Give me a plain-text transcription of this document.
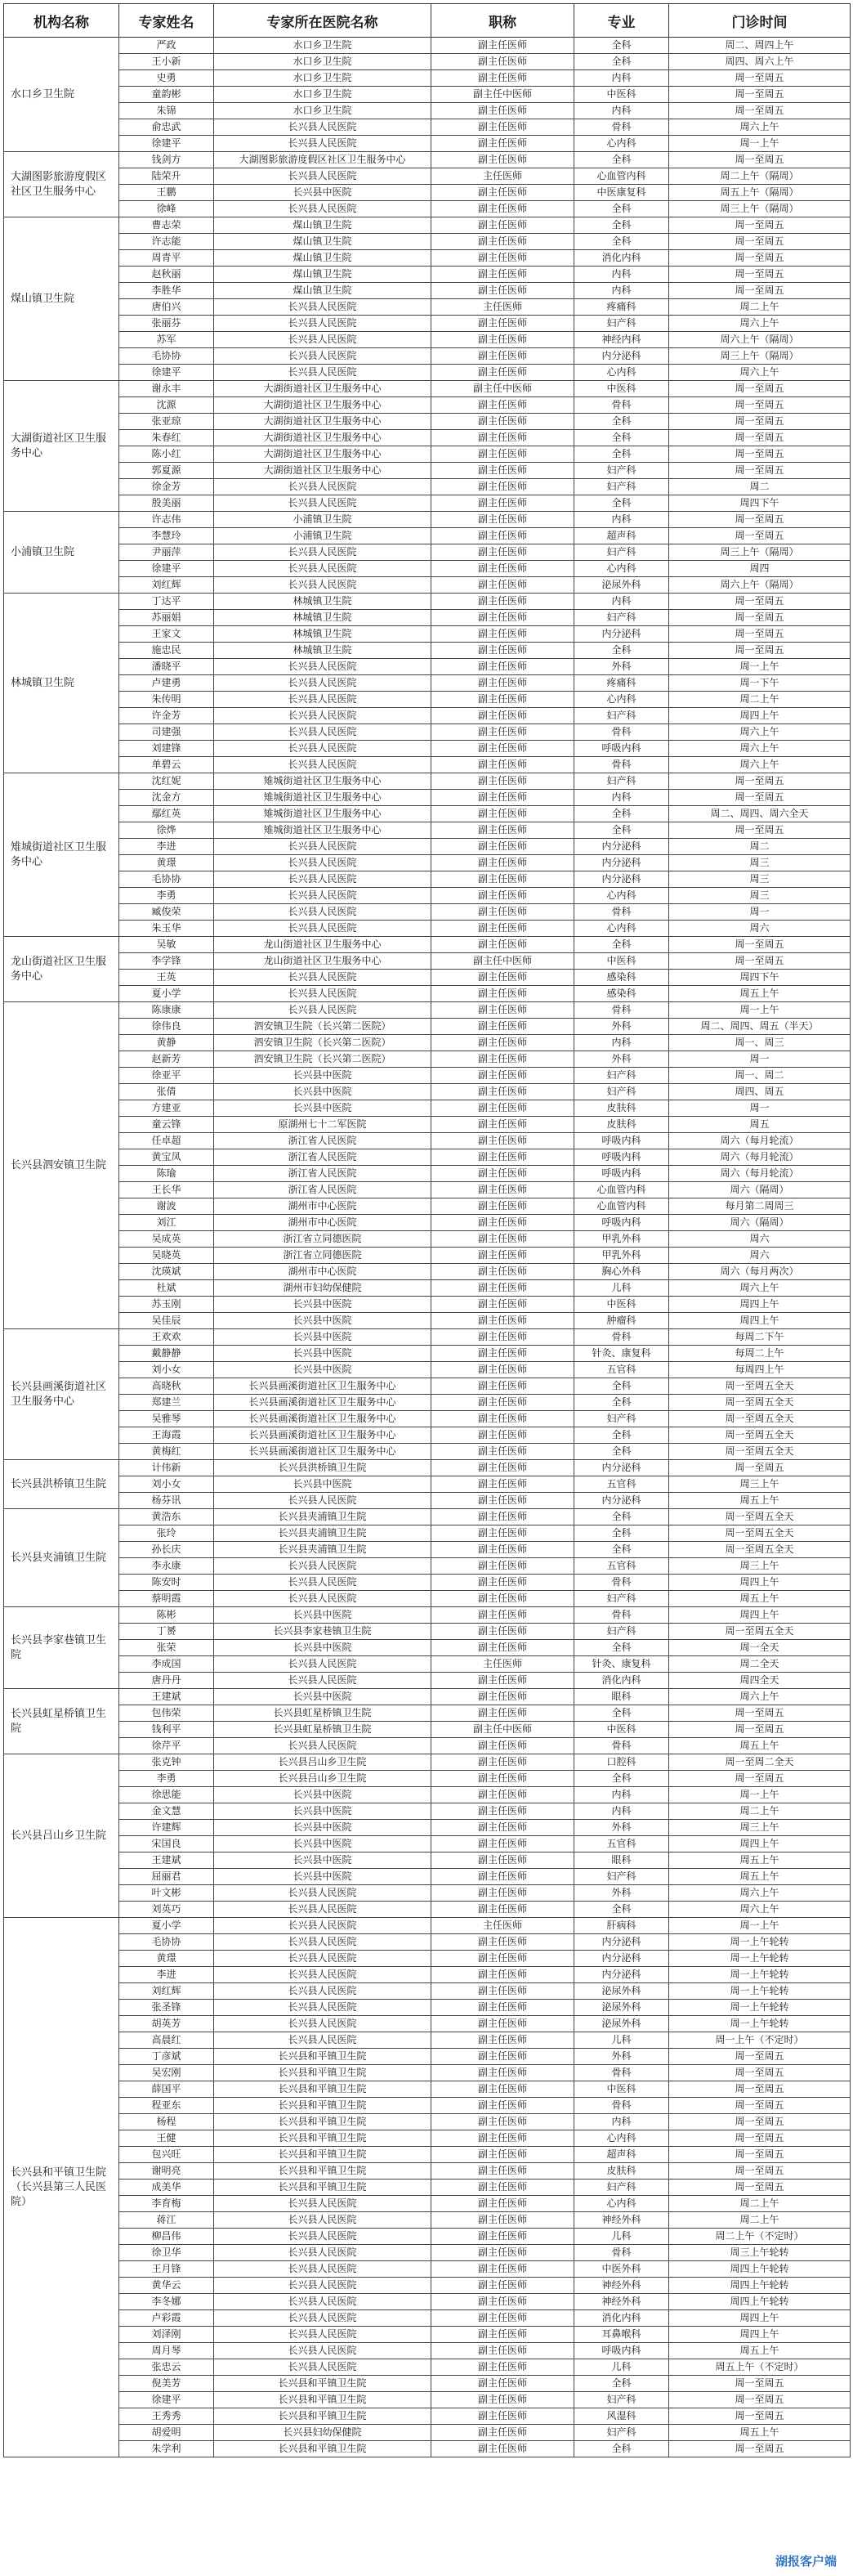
机构名称	专家姓名	专家所在医院名称	职称	专业	门诊时间
水口乡卫生院	严政	水口乡卫生院	副主任医师	全科	周二、周四上午
	王小新	水口乡卫生院	副主任医师	全科	周四、周六上午
	史勇	水口乡卫生院	副主任医师	内科	周一至周五
	童韵彬	水口乡卫生院	副主任中医师	中医科	周一至周五
	朱锦	水口乡卫生院	副主任医师	内科	周一至周五
	俞忠武	长兴县人民医院	副主任医师	骨科	周六上午
	徐建平	长兴县人民医院	副主任医师	心内科	周一上午
大湖图影旅游度假区社区卫生服务中心	钱剑方	大湖图影旅游度假区社区卫生服务中心	副主任医师	全科	周一至周五
	陆荣升	长兴县人民医院	主任医师	心血管内科	周二上午（隔周）
	王鹏	长兴县中医院	副主任医师	中医康复科	周五上午（隔周）
	徐峰	长兴县人民医院	副主任医师	全科	周三上午（隔周）
煤山镇卫生院	曹志荣	煤山镇卫生院	副主任医师	全科	周一至周五
	许志能	煤山镇卫生院	副主任医师	全科	周一至周五
	周青平	煤山镇卫生院	副主任医师	消化内科	周一至周五
	赵秋丽	煤山镇卫生院	副主任医师	内科	周一至周五
	李胜华	煤山镇卫生院	副主任医师	内科	周一至周五
	唐伯兴	长兴县人民医院	主任医师	疼痛科	周二上午
	张丽芬	长兴县人民医院	副主任医师	妇产科	周六上午
	苏军	长兴县人民医院	副主任医师	神经内科	周六上午（隔周）
	毛协协	长兴县人民医院	副主任医师	内分泌科	周三上午（隔周）
	徐建平	长兴县人民医院	副主任医师	心内科	周六上午
大湖街道社区卫生服务中心	谢永丰	大湖街道社区卫生服务中心	副主任中医师	中医科	周一至周五
	沈源	大湖街道社区卫生服务中心	副主任医师	骨科	周一至周五
	张亚琼	大湖街道社区卫生服务中心	副主任医师	全科	周一至周五
	朱春红	大湖街道社区卫生服务中心	副主任医师	全科	周一至周五
	陈小红	大湖街道社区卫生服务中心	副主任医师	全科	周一至周五
	郭夏源	大湖街道社区卫生服务中心	副主任医师	妇产科	周一至周五
	徐金芳	长兴县人民医院	副主任医师	妇产科	周二
	殷美丽	长兴县人民医院	副主任医师	全科	周四下午
小浦镇卫生院	许志伟	小浦镇卫生院	副主任医师	内科	周一至周五
	李慧玲	小浦镇卫生院	副主任医师	超声科	周一至周五
	尹丽萍	长兴县人民医院	副主任医师	妇产科	周三上午（隔周）
	徐建平	长兴县人民医院	副主任医师	心内科	周四
	刘红辉	长兴县人民医院	副主任医师	泌尿外科	周六上午（隔周）
林城镇卫生院	丁达平	林城镇卫生院	副主任医师	内科	周一至周五
	苏丽娟	林城镇卫生院	副主任医师	妇产科	周一至周五
	王家文	林城镇卫生院	副主任医师	内分泌科	周一至周五
	施忠民	林城镇卫生院	副主任医师	全科	周一至周五
	潘晓平	长兴县人民医院	副主任医师	外科	周一上午
	卢建勇	长兴县人民医院	副主任医师	疼痛科	周一下午
	朱传明	长兴县人民医院	副主任医师	心内科	周二上午
	许金芳	长兴县人民医院	副主任医师	妇产科	周四上午
	司建强	长兴县人民医院	副主任医师	骨科	周六上午
	刘建锋	长兴县人民医院	副主任医师	呼吸内科	周六上午
	单碧云	长兴县人民医院	副主任医师	骨科	周六上午
雉城街道社区卫生服务中心	沈红妮	雉城街道社区卫生服务中心	副主任医师	妇产科	周一至周五
	沈金方	雉城街道社区卫生服务中心	副主任医师	内科	周一至周五
	鄢红英	雉城街道社区卫生服务中心	副主任医师	全科	周二、周四、周六全天
	徐烨	雉城街道社区卫生服务中心	副主任医师	全科	周一至周五
	李进	长兴县人民医院	副主任医师	内分泌科	周二
	黄璟	长兴县人民医院	副主任医师	内分泌科	周三
	毛协协	长兴县人民医院	副主任医师	内分泌科	周三
	李勇	长兴县人民医院	副主任医师	心内科	周三
	臧俊荣	长兴县人民医院	副主任医师	骨科	周一
	朱玉华	长兴县人民医院	副主任医师	心内科	周六
龙山街道社区卫生服务中心	吴敏	龙山街道社区卫生服务中心	副主任医师	全科	周一至周五
	李学锋	龙山街道社区卫生服务中心	副主任中医师	中医科	周一至周五
	王英	长兴县人民医院	副主任医师	感染科	周四下午
	夏小学	长兴县人民医院	副主任医师	感染科	周五上午
长兴县泗安镇卫生院	陈康康	长兴县人民医院	副主任医师	骨科	周一上午
	徐伟良	泗安镇卫生院（长兴第二医院）	副主任医师	外科	周二、周四、周五（半天）
	黄静	泗安镇卫生院（长兴第二医院）	副主任医师	内科	周一、周三
	赵新芳	泗安镇卫生院（长兴第二医院）	副主任医师	外科	周一
	徐亚平	长兴县中医院	副主任医师	妇产科	周一、周二
	张倩	长兴县中医院	副主任医师	妇产科	周四、周五
	方建亚	长兴县中医院	副主任医师	皮肤科	周一
	童云锋	原湖州七十二军医院	副主任医师	皮肤科	周五
	任卓超	浙江省人民医院	副主任医师	呼吸内科	周六（每月轮流）
	黄宝凤	浙江省人民医院	副主任医师	呼吸内科	周六（每月轮流）
	陈瑜	浙江省人民医院	副主任医师	呼吸内科	周六（每月轮流）
	王长华	浙江省人民医院	副主任医师	心血管内科	周六（隔周）
	谢波	湖州市中心医院	副主任医师	心血管内科	每月第二周周三
	刘江	湖州市中心医院	副主任医师	呼吸内科	周六（隔周）
	吴成英	浙江省立同德医院	副主任医师	甲乳外科	周六
	吴晓英	浙江省立同德医院	副主任医师	甲乳外科	周六
	沈瑛斌	湖州市中心医院	副主任医师	胸心外科	周六（每月两次）
	杜斌	湖州市妇幼保健院	副主任医师	儿科	周六上午
	苏玉刚	长兴县中医院	副主任医师	中医科	周四上午
	吴佳辰	长兴县中医院	副主任医师	肿瘤科	周四上午
长兴县画溪街道社区卫生服务中心	王欢欢	长兴县中医院	副主任医师	骨科	每周二下午
	戴静静	长兴县中医院	副主任医师	针灸、康复科	每周二上午
	刘小女	长兴县中医院	副主任医师	五官科	每周四上午
	高晓秋	长兴县画溪街道社区卫生服务中心	副主任医师	全科	周一至周五全天
	郑建兰	长兴县画溪街道社区卫生服务中心	副主任医师	全科	周一至周五全天
	吴雅琴	长兴县画溪街道社区卫生服务中心	副主任医师	妇产科	周一至周五全天
	王海霞	长兴县画溪街道社区卫生服务中心	副主任医师	全科	周一至周五全天
	黄梅红	长兴县画溪街道社区卫生服务中心	副主任医师	全科	周一至周五全天
长兴县洪桥镇卫生院	计伟新	长兴县洪桥镇卫生院	副主任医师	内分泌科	周一至周五
	刘小女	长兴县中医院	副主任医师	五官科	周三上午
	杨芬讯	长兴县人民医院	副主任医师	内分泌科	周五上午
长兴县夹浦镇卫生院	黄浩东	长兴县夹浦镇卫生院	副主任医师	全科	周一至周五全天
	张玲	长兴县夹浦镇卫生院	副主任医师	全科	周一至周五全天
	孙长庆	长兴县夹浦镇卫生院	副主任医师	全科	周一至周五全天
	李永康	长兴县人民医院	副主任医师	五官科	周三上午
	陈安时	长兴县人民医院	副主任医师	骨科	周四上午
	蔡明霞	长兴县人民医院	副主任医师	妇产科	周五上午
长兴县李家巷镇卫生院	陈彬	长兴县中医院	副主任医师	骨科	周四上午
	丁赟	长兴县李家巷镇卫生院	副主任医师	妇产科	周一至周五全天
	张荣	长兴县中医院	副主任医师	全科	周一全天
	李成国	长兴县人民医院	主任医师	针灸、康复科	周二全天
	唐丹丹	长兴县人民医院	副主任医师	消化内科	周四全天
长兴县虹星桥镇卫生院	王建斌	长兴县中医院	副主任医师	眼科	周六上午
	包伟荣	长兴县虹星桥镇卫生院	副主任医师	全科	周一至周五
	钱利平	长兴县虹星桥镇卫生院	副主任中医师	中医科	周一至周五
	徐芹平	长兴县人民医院	副主任医师	骨科	周五上午
长兴县吕山乡卫生院	张克钟	长兴县吕山乡卫生院	副主任医师	口腔科	周一至周二全天
	李勇	长兴县吕山乡卫生院	副主任医师	全科	周一至周五
	徐思能	长兴县中医院	副主任医师	内科	周一上午
	金文慧	长兴县中医院	副主任医师	内科	周二上午
	许建辉	长兴县中医院	副主任医师	外科	周三上午
	宋国良	长兴县中医院	副主任医师	五官科	周四上午
	王建斌	长兴县中医院	副主任医师	眼科	周五上午
	屈丽君	长兴县中医院	副主任医师	妇产科	周五上午
	叶文彬	长兴县人民医院	副主任医师	外科	周六上午
	刘英巧	长兴县人民医院	副主任医师	全科	周六上午
长兴县和平镇卫生院（长兴县第三人民医院）	夏小学	长兴县人民医院	主任医师	肝病科	周一上午
	毛协协	长兴县人民医院	副主任医师	内分泌科	周一上午轮转
	黄璟	长兴县人民医院	副主任医师	内分泌科	周一上午轮转
	李进	长兴县人民医院	副主任医师	内分泌科	周一上午轮转
	刘红辉	长兴县人民医院	副主任医师	泌尿外科	周一上午轮转
	张圣锋	长兴县人民医院	副主任医师	泌尿外科	周一上午轮转
	胡英芳	长兴县人民医院	副主任医师	泌尿外科	周一上午轮转
	高晨红	长兴县人民医院	副主任医师	儿科	周一上午（不定时）
	丁彦斌	长兴县和平镇卫生院	副主任医师	外科	周一至周五
	吴宏刚	长兴县和平镇卫生院	副主任医师	骨科	周一至周五
	薛国平	长兴县和平镇卫生院	副主任医师	中医科	周一至周五
	程亚东	长兴县和平镇卫生院	副主任医师	骨科	周一至周五
	杨程	长兴县和平镇卫生院	副主任医师	内科	周一至周五
	王健	长兴县和平镇卫生院	副主任医师	心内科	周一至周五
	包兴旺	长兴县和平镇卫生院	副主任医师	超声科	周一至周五
	谢明亮	长兴县和平镇卫生院	副主任医师	皮肤科	周一至周五
	成美华	长兴县和平镇卫生院	副主任医师	妇产科	周一至周五
	李育梅	长兴县人民医院	副主任医师	心内科	周二上午
	蒋江	长兴县人民医院	副主任医师	神经外科	周二上午
	柳昌伟	长兴县人民医院	副主任医师	儿科	周二上午（不定时）
	徐卫华	长兴县人民医院	副主任医师	骨科	周三上午轮转
	王月锋	长兴县人民医院	副主任医师	中医外科	周四上午轮转
	黄华云	长兴县人民医院	副主任医师	神经外科	周四上午轮转
	李冬娜	长兴县人民医院	副主任医师	神经外科	周四上午轮转
	卢彩霞	长兴县人民医院	副主任医师	消化内科	周四上午
	刘泽刚	长兴县人民医院	副主任医师	耳鼻喉科	周四上午
	周月琴	长兴县人民医院	副主任医师	呼吸内科	周五上午
	张忠云	长兴县人民医院	副主任医师	儿科	周五上午（不定时）
	倪美芳	长兴县和平镇卫生院	副主任医师	全科	周一至周五
	徐建平	长兴县和平镇卫生院	副主任医师	妇产科	周一至周五
	王秀秀	长兴县和平镇卫生院	副主任医师	风湿科	周一至周五
	胡爱明	长兴县妇幼保健院	副主任医师	妇产科	周五上午
	朱学利	长兴县和平镇卫生院	副主任医师	全科	周一至周五
湖报客户端
